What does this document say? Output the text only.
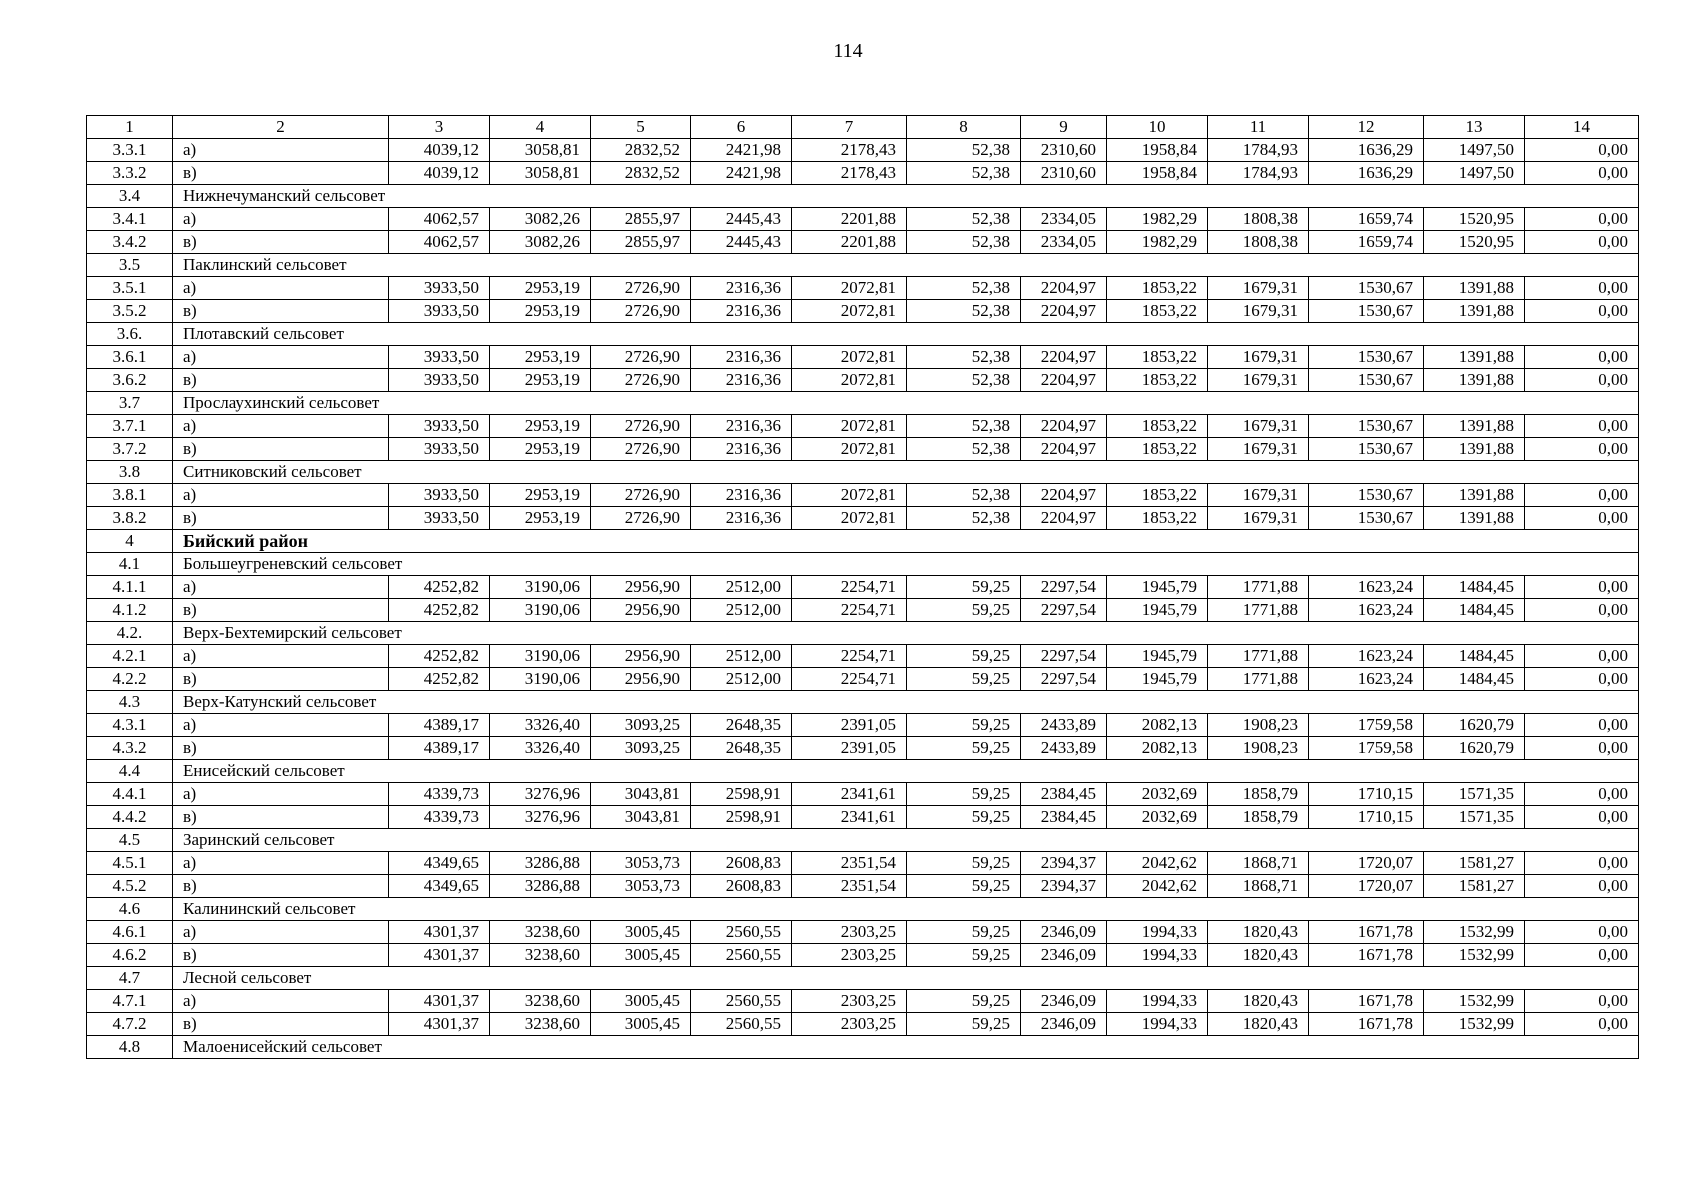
114
1	2	3	4	5	6	7	8	9	10	11	12	13	14
3.3.1	а)	4039,12	3058,81	2832,52	2421,98	2178,43	52,38	2310,60	1958,84	1784,93	1636,29	1497,50	0,00
3.3.2	в)	4039,12	3058,81	2832,52	2421,98	2178,43	52,38	2310,60	1958,84	1784,93	1636,29	1497,50	0,00
3.4	Нижнечуманский сельсовет												
3.4.1	а)	4062,57	3082,26	2855,97	2445,43	2201,88	52,38	2334,05	1982,29	1808,38	1659,74	1520,95	0,00
3.4.2	в)	4062,57	3082,26	2855,97	2445,43	2201,88	52,38	2334,05	1982,29	1808,38	1659,74	1520,95	0,00
3.5	Паклинский сельсовет												
3.5.1	а)	3933,50	2953,19	2726,90	2316,36	2072,81	52,38	2204,97	1853,22	1679,31	1530,67	1391,88	0,00
3.5.2	в)	3933,50	2953,19	2726,90	2316,36	2072,81	52,38	2204,97	1853,22	1679,31	1530,67	1391,88	0,00
3.6.	Плотавский сельсовет												
3.6.1	а)	3933,50	2953,19	2726,90	2316,36	2072,81	52,38	2204,97	1853,22	1679,31	1530,67	1391,88	0,00
3.6.2	в)	3933,50	2953,19	2726,90	2316,36	2072,81	52,38	2204,97	1853,22	1679,31	1530,67	1391,88	0,00
3.7	Прослаухинский сельсовет												
3.7.1	а)	3933,50	2953,19	2726,90	2316,36	2072,81	52,38	2204,97	1853,22	1679,31	1530,67	1391,88	0,00
3.7.2	в)	3933,50	2953,19	2726,90	2316,36	2072,81	52,38	2204,97	1853,22	1679,31	1530,67	1391,88	0,00
3.8	Ситниковский сельсовет												
3.8.1	а)	3933,50	2953,19	2726,90	2316,36	2072,81	52,38	2204,97	1853,22	1679,31	1530,67	1391,88	0,00
3.8.2	в)	3933,50	2953,19	2726,90	2316,36	2072,81	52,38	2204,97	1853,22	1679,31	1530,67	1391,88	0,00
4	Бийский район												
4.1	Большеугреневский сельсовет												
4.1.1	а)	4252,82	3190,06	2956,90	2512,00	2254,71	59,25	2297,54	1945,79	1771,88	1623,24	1484,45	0,00
4.1.2	в)	4252,82	3190,06	2956,90	2512,00	2254,71	59,25	2297,54	1945,79	1771,88	1623,24	1484,45	0,00
4.2.	Верх-Бехтемирский сельсовет												
4.2.1	а)	4252,82	3190,06	2956,90	2512,00	2254,71	59,25	2297,54	1945,79	1771,88	1623,24	1484,45	0,00
4.2.2	в)	4252,82	3190,06	2956,90	2512,00	2254,71	59,25	2297,54	1945,79	1771,88	1623,24	1484,45	0,00
4.3	Верх-Катунский сельсовет												
4.3.1	а)	4389,17	3326,40	3093,25	2648,35	2391,05	59,25	2433,89	2082,13	1908,23	1759,58	1620,79	0,00
4.3.2	в)	4389,17	3326,40	3093,25	2648,35	2391,05	59,25	2433,89	2082,13	1908,23	1759,58	1620,79	0,00
4.4	Енисейский сельсовет												
4.4.1	а)	4339,73	3276,96	3043,81	2598,91	2341,61	59,25	2384,45	2032,69	1858,79	1710,15	1571,35	0,00
4.4.2	в)	4339,73	3276,96	3043,81	2598,91	2341,61	59,25	2384,45	2032,69	1858,79	1710,15	1571,35	0,00
4.5	Заринский сельсовет												
4.5.1	а)	4349,65	3286,88	3053,73	2608,83	2351,54	59,25	2394,37	2042,62	1868,71	1720,07	1581,27	0,00
4.5.2	в)	4349,65	3286,88	3053,73	2608,83	2351,54	59,25	2394,37	2042,62	1868,71	1720,07	1581,27	0,00
4.6	Калининский сельсовет												
4.6.1	а)	4301,37	3238,60	3005,45	2560,55	2303,25	59,25	2346,09	1994,33	1820,43	1671,78	1532,99	0,00
4.6.2	в)	4301,37	3238,60	3005,45	2560,55	2303,25	59,25	2346,09	1994,33	1820,43	1671,78	1532,99	0,00
4.7	Лесной сельсовет												
4.7.1	а)	4301,37	3238,60	3005,45	2560,55	2303,25	59,25	2346,09	1994,33	1820,43	1671,78	1532,99	0,00
4.7.2	в)	4301,37	3238,60	3005,45	2560,55	2303,25	59,25	2346,09	1994,33	1820,43	1671,78	1532,99	0,00
4.8	Малоенисейский сельсовет												
